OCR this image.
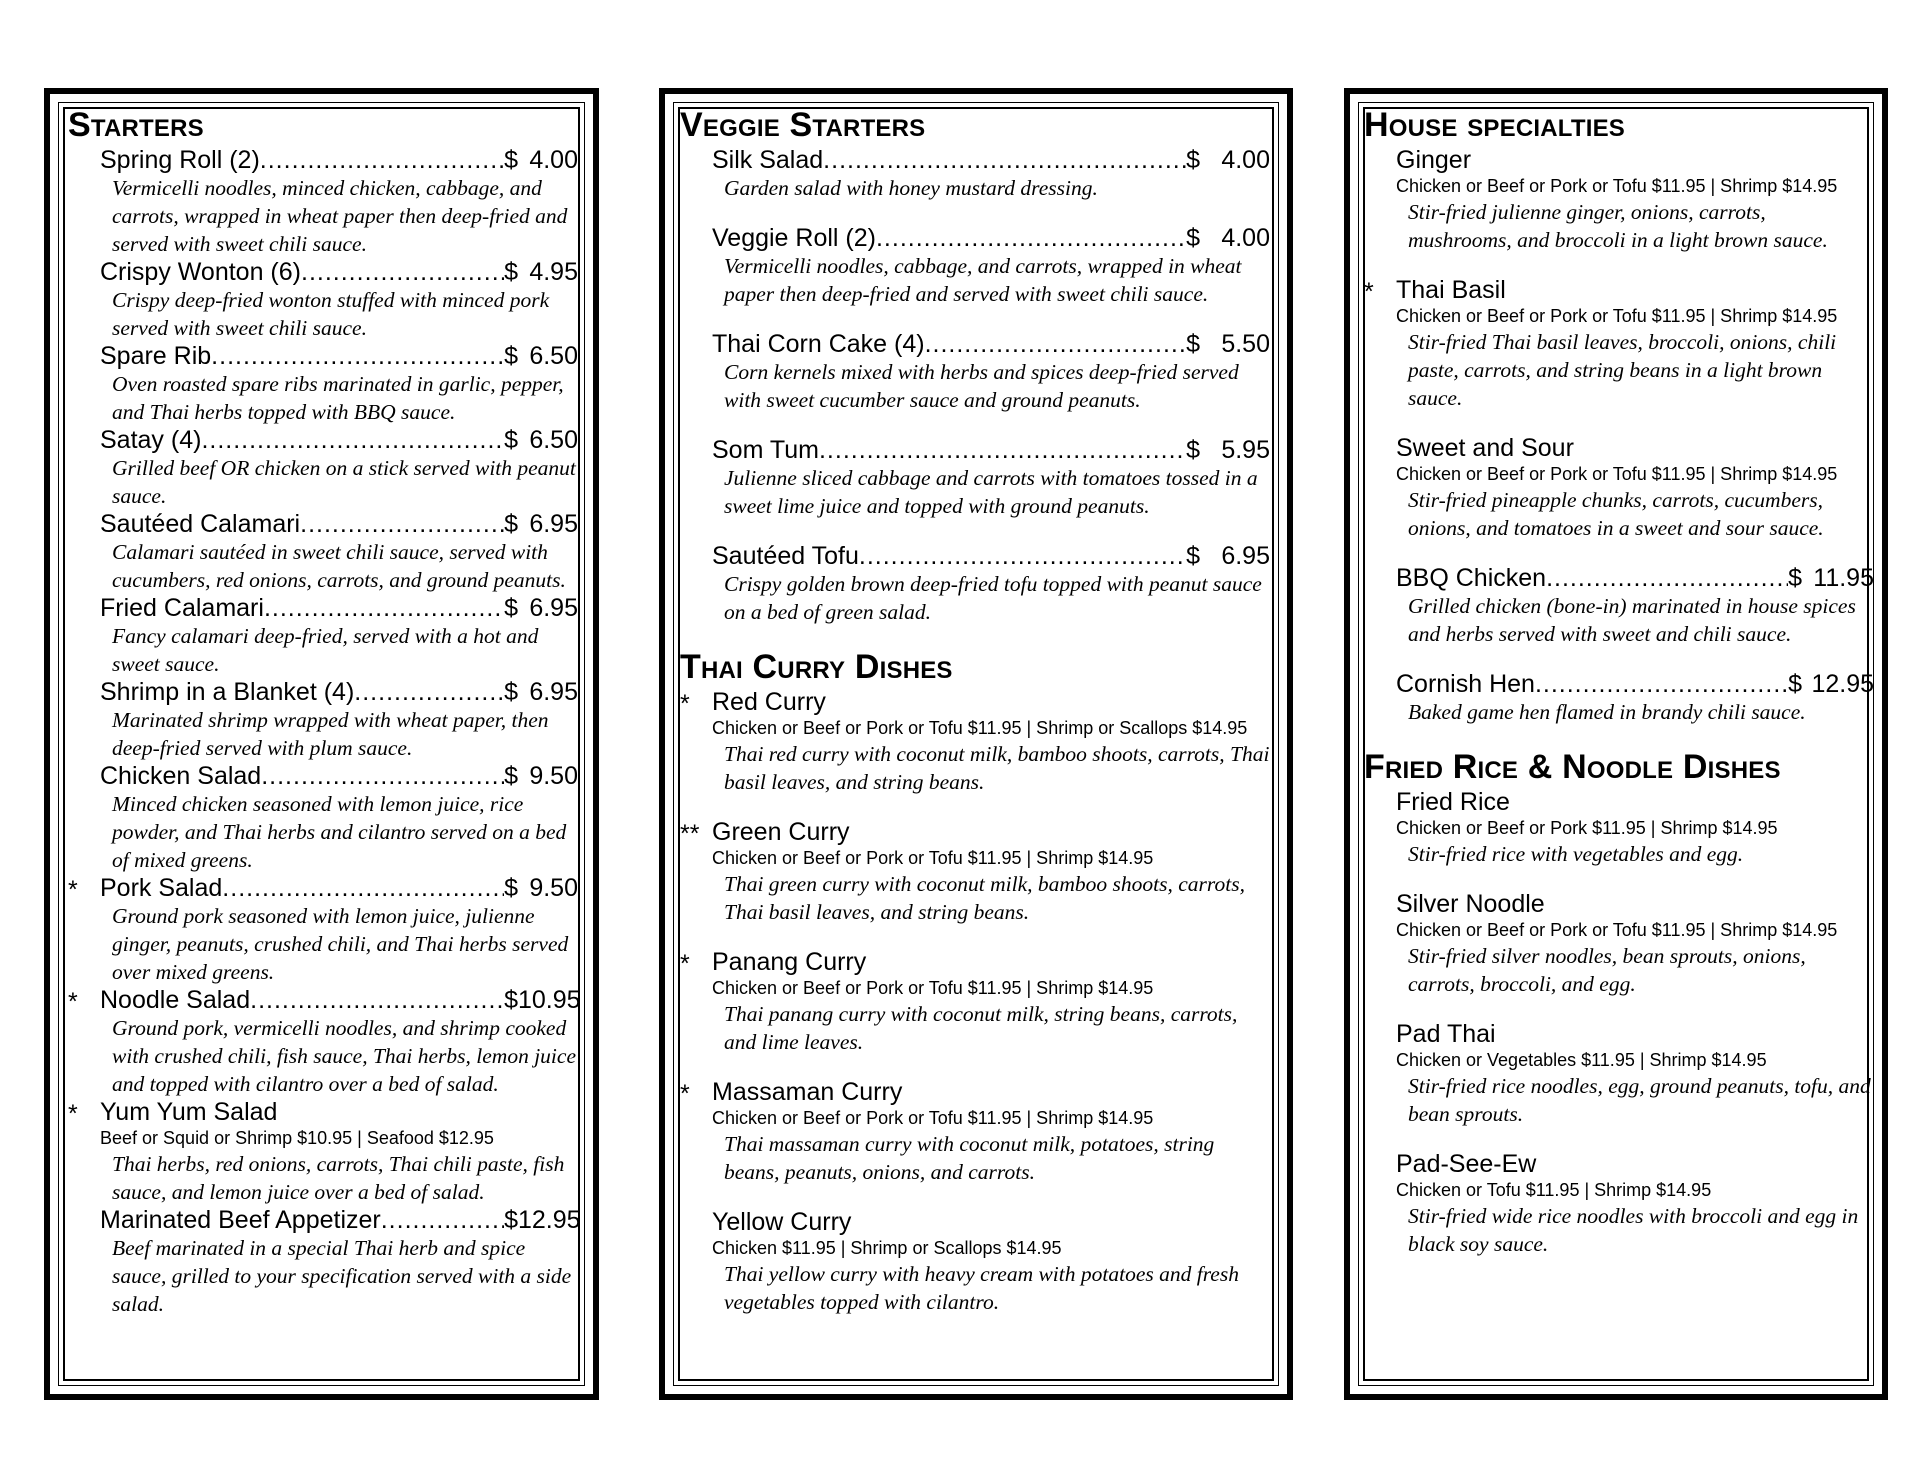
Starters
Spring Roll (2) .....	$ 4.00
Vermicelli noodles, minced chicken, cabbage, and carrots, wrapped in wheat paper then deep-fried and served with sweet chili sauce.
Crispy Wonton (6) .....	$ 4.95
Crispy deep-fried wonton stuffed with minced pork served with sweet chili sauce.
Spare Rib .....	$ 6.50
Oven roasted spare ribs marinated in garlic, pepper, and Thai herbs topped with BBQ sauce.
Satay (4) .....	$ 6.50
Grilled beef OR chicken on a stick served with peanut sauce.
Sautéed Calamari .....	$ 6.95
Calamari sautéed in sweet chili sauce, served with cucumbers, red onions, carrots, and ground peanuts.
Fried Calamari .....	$ 6.95
Fancy calamari deep-fried, served with a hot and sweet sauce.
Shrimp in a Blanket (4) .....	$ 6.95
Marinated shrimp wrapped with wheat paper, then deep-fried served with plum sauce.
Chicken Salad .....	$ 9.50
Minced chicken seasoned with lemon juice, rice powder, and Thai herbs and cilantro served on a bed of mixed greens.
* Pork Salad .....	$ 9.50
Ground pork seasoned with lemon juice, julienne ginger, peanuts, crushed chili, and Thai herbs served over mixed greens.
* Noodle Salad .....	$ 10.95
Ground pork, vermicelli noodles, and shrimp cooked with crushed chili, fish sauce, Thai herbs, lemon juice and topped with cilantro over a bed of salad.
* Yum Yum Salad
Beef or Squid or Shrimp $10.95 | Seafood $12.95
Thai herbs, red onions, carrots, Thai chili paste, fish sauce, and lemon juice over a bed of salad.
Marinated Beef Appetizer .....	$ 12.95
Beef marinated in a special Thai herb and spice sauce, grilled to your specification served with a side salad.
Veggie Starters
Silk Salad .....	$ 4.00
Garden salad with honey mustard dressing.
Veggie Roll (2) .....	$ 4.00
Vermicelli noodles, cabbage, and carrots, wrapped in wheat paper then deep-fried and served with sweet chili sauce.
Thai Corn Cake (4) .....	$ 5.50
Corn kernels mixed with herbs and spices deep-fried served with sweet cucumber sauce and ground peanuts.
Som Tum .....	$ 5.95
Julienne sliced cabbage and carrots with tomatoes tossed in a sweet lime juice and topped with ground peanuts.
Sautéed Tofu .....	$ 6.95
Crispy golden brown deep-fried tofu topped with peanut sauce on a bed of green salad.
Thai Curry Dishes
* Red Curry
Chicken or Beef or Pork or Tofu $11.95 | Shrimp or Scallops $14.95
Thai red curry with coconut milk, bamboo shoots, carrots, Thai basil leaves, and string beans.
** Green Curry
Chicken or Beef or Pork or Tofu $11.95 | Shrimp $14.95
Thai green curry with coconut milk, bamboo shoots, carrots, Thai basil leaves, and string beans.
* Panang Curry
Chicken or Beef or Pork or Tofu $11.95 | Shrimp $14.95
Thai panang curry with coconut milk, string beans, carrots, and lime leaves.
* Massaman Curry
Chicken or Beef or Pork or Tofu $11.95 | Shrimp $14.95
Thai massaman curry with coconut milk, potatoes, string beans, peanuts, onions, and carrots.
Yellow Curry
Chicken $11.95 | Shrimp or Scallops $14.95
Thai yellow curry with heavy cream with potatoes and fresh vegetables topped with cilantro.
House specialties
Ginger
Chicken or Beef or Pork or Tofu $11.95 | Shrimp $14.95
Stir-fried julienne ginger, onions, carrots, mushrooms, and broccoli in a light brown sauce.
* Thai Basil
Chicken or Beef or Pork or Tofu $11.95 | Shrimp $14.95
Stir-fried Thai basil leaves, broccoli, onions, chili paste, carrots, and string beans in a light brown sauce.
Sweet and Sour
Chicken or Beef or Pork or Tofu $11.95 | Shrimp $14.95
Stir-fried pineapple chunks, carrots, cucumbers, onions, and tomatoes in a sweet and sour sauce.
BBQ Chicken .....	$ 11.95
Grilled chicken (bone-in) marinated in house spices and herbs served with sweet and chili sauce.
Cornish Hen .....	$ 12.95
Baked game hen flamed in brandy chili sauce.
Fried Rice & Noodle Dishes
Fried Rice
Chicken or Beef or Pork $11.95 | Shrimp $14.95
Stir-fried rice with vegetables and egg.
Silver Noodle
Chicken or Beef or Pork or Tofu $11.95 | Shrimp $14.95
Stir-fried silver noodles, bean sprouts, onions, carrots, broccoli, and egg.
Pad Thai
Chicken or Vegetables $11.95 | Shrimp $14.95
Stir-fried rice noodles, egg, ground peanuts, tofu, and bean sprouts.
Pad-See-Ew
Chicken or Tofu $11.95 | Shrimp $14.95
Stir-fried wide rice noodles with broccoli and egg in black soy sauce.
